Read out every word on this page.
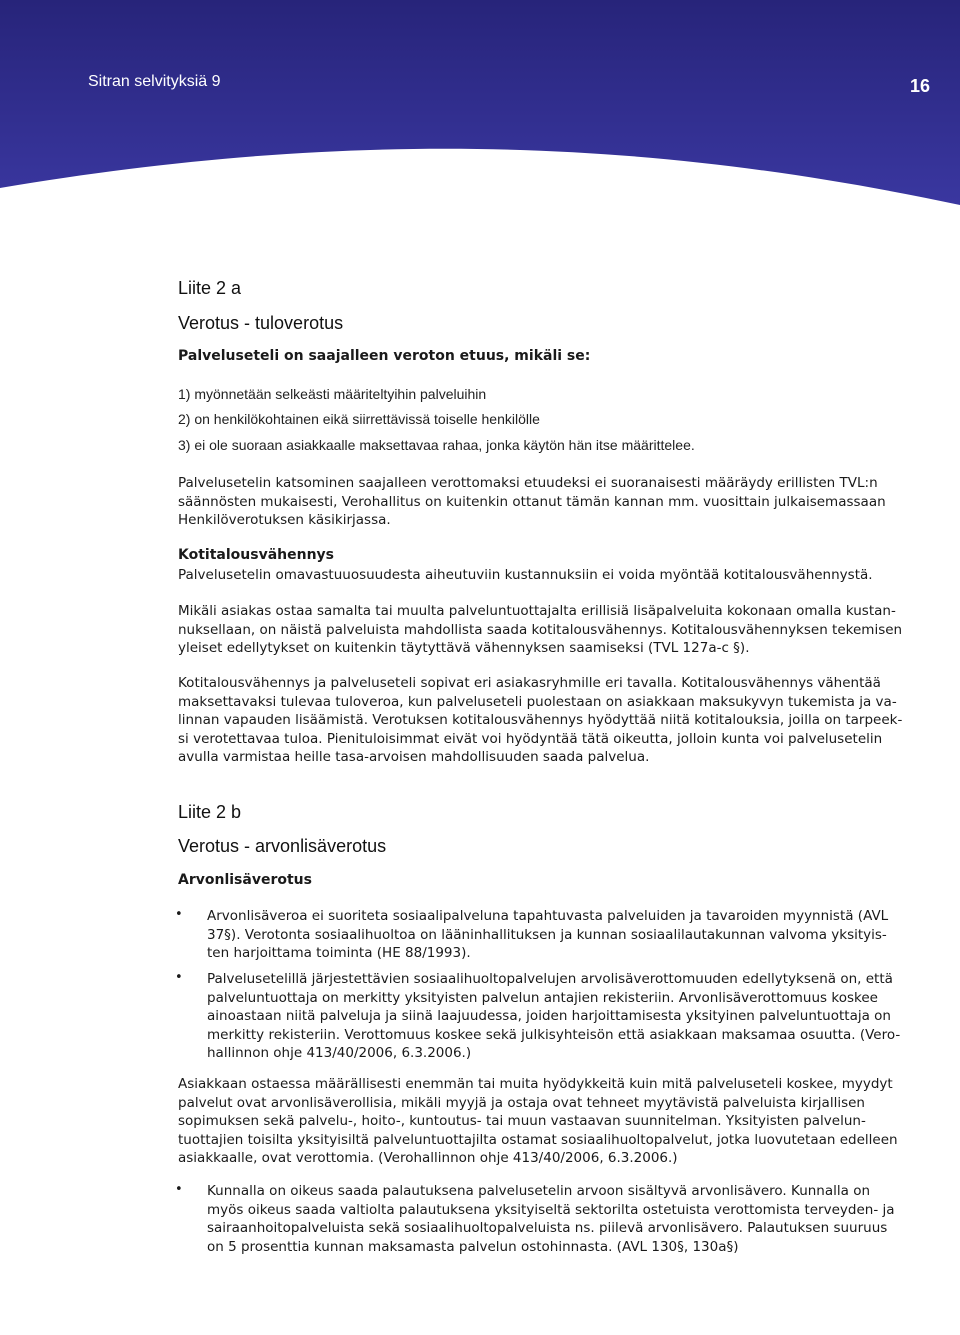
Sitran selvityksiä 9	16

Liite 2 a

Verotus - tuloverotus

Palveluseteli on saajalleen veroton etuus, mikäli se:

1) myönnetään selkeästi määriteltyihin palveluihin

2) on henkilökohtainen eikä siirrettävissä toiselle henkilölle

3) ei ole suoraan asiakkaalle maksettavaa rahaa, jonka käytön hän itse määrittelee.

Palvelusetelin katsominen saajalleen verottomaksi etuudeksi ei suoranaisesti määräydy erillisten TVL:n
säännösten mukaisesti, Verohallitus on kuitenkin ottanut tämän kannan mm. vuosittain julkaisemassaan
Henkilöverotuksen käsikirjassa.

Kotitalousvähennys

Palvelusetelin omavastuuosuudesta aiheutuviin kustannuksiin ei voida myöntää kotitalousvähennystä.
Mikäli asiakas ostaa samalta tai muulta palveluntuottajalta erillisiä lisäpalveluita kokonaan omalla kustan-
nuksellaan, on näistä palveluista mahdollista saada kotitalousvähennys. Kotitalousvähennyksen tekemisen
yleiset edellytykset on kuitenkin täytyttävä vähennyksen saamiseksi (TVL 127a-c §).
Kotitalousvähennys ja palveluseteli sopivat eri asiakasryhmille eri tavalla. Kotitalousvähennys vähentää
maksettavaksi tulevaa tuloveroa, kun palveluseteli puolestaan on asiakkaan maksukyvyn tukemista ja va-
linnan vapauden lisäämistä. Verotuksen kotitalousvähennys hyödyttää niitä kotitalouksia, joilla on tarpeek-
si verotettavaa tuloa. Pienituloisimmat eivät voi hyödyntää tätä oikeutta, jolloin kunta voi palvelusetelin
avulla varmistaa heille tasa-arvoisen mahdollisuuden saada palvelua.

Liite 2 b

Verotus - arvonlisäverotus

Arvonlisäverotus

• Arvonlisäveroa ei suoriteta sosiaalipalveluna tapahtuvasta palveluiden ja tavaroiden myynnistä (AVL
37§). Verotonta sosiaalihuoltoa on lääninhallituksen ja kunnan sosiaalilautakunnan valvoma yksityis-
ten harjoittama toiminta (HE 88/1993).
• Palvelusetelillä järjestettävien sosiaalihuoltopalvelujen arvolisäverottomuuden edellytyksenä on, että
palveluntuottaja on merkitty yksityisten palvelun antajien rekisteriin. Arvonlisäverottomuus koskee
ainoastaan niitä palveluja ja siinä laajuudessa, joiden harjoittamisesta yksityinen palveluntuottaja on
merkitty rekisteriin. Verottomuus koskee sekä julkisyhteisön että asiakkaan maksamaa osuutta. (Vero-
hallinnon ohje 413/40/2006, 6.3.2006.)
Asiakkaan ostaessa määrällisesti enemmän tai muita hyödykkeitä kuin mitä palveluseteli koskee, myydyt
palvelut ovat arvonlisäverollisia, mikäli myyjä ja ostaja ovat tehneet myytävistä palveluista kirjallisen
sopimuksen sekä palvelu-, hoito-, kuntoutus- tai muun vastaavan suunnitelman. Yksityisten palvelun-
tuottajien toisilta yksityisiltä palveluntuottajilta ostamat sosiaalihuoltopalvelut, jotka luovutetaan edelleen
asiakkaalle, ovat verottomia. (Verohallinnon ohje 413/40/2006, 6.3.2006.)
• Kunnalla on oikeus saada palautuksena palvelusetelin arvoon sisältyvä arvonlisävero. Kunnalla on
myös oikeus saada valtiolta palautuksena yksityiseltä sektorilta ostetuista verottomista terveyden- ja
sairaanhoitopalveluista sekä sosiaalihuoltopalveluista ns. piilevä arvonlisävero. Palautuksen suuruus
on 5 prosenttia kunnan maksamasta palvelun ostohinnasta. (AVL 130§, 130a§)
